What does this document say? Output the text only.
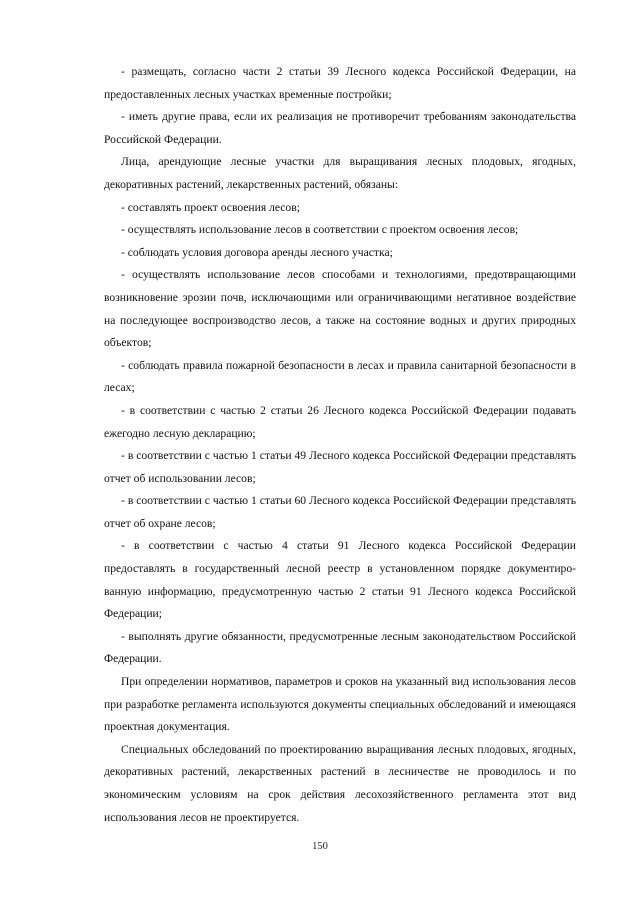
- размещать, согласно части 2 статьи 39 Лесного кодекса Российской Федерации, на предоставленных лесных участках временные постройки;

- иметь другие права, если их реализация не противоречит требованиям законодательства Российской Федерации.

Лица, арендующие лесные участки для выращивания лесных плодовых, ягодных, декоративных растений, лекарственных растений, обязаны:

- составлять проект освоения лесов;

- осуществлять использование лесов в соответствии с проектом освоения лесов;

- соблюдать условия договора аренды лесного участка;

- осуществлять использование лесов способами и технологиями, предотвращающими возникновение эрозии почв, исключающими или ограничивающими негативное воздействие на последующее воспроизводство лесов, а также на состояние водных и других природных объектов;

- соблюдать правила пожарной безопасности в лесах и правила санитарной безопасности в лесах;

- в соответствии с частью 2 статьи 26 Лесного кодекса Российской Федерации подавать ежегодно лесную декларацию;

- в соответствии с частью 1 статьи 49 Лесного кодекса Российской Федерации представлять отчет об использовании лесов;

- в соответствии с частью 1 статьи 60 Лесного кодекса Российской Федерации представлять отчет об охране лесов;

- в соответствии с частью 4 статьи 91 Лесного кодекса Российской Федерации предоставлять в государственный лесной реестр в установленном порядке документированную информацию, предусмотренную частью 2 статьи 91 Лесного кодекса Российской Федерации;

- выполнять другие обязанности, предусмотренные лесным законодательством Российской Федерации.

При определении нормативов, параметров и сроков на указанный вид использования лесов при разработке регламента используются документы специальных обследований и имеющаяся проектная документация.

Специальных обследований по проектированию выращивания лесных плодовых, ягодных, декоративных растений, лекарственных растений в лесничестве не проводилось и по экономическим условиям на срок действия лесохозяйственного регламента этот вид использования лесов не проектируется.

150
